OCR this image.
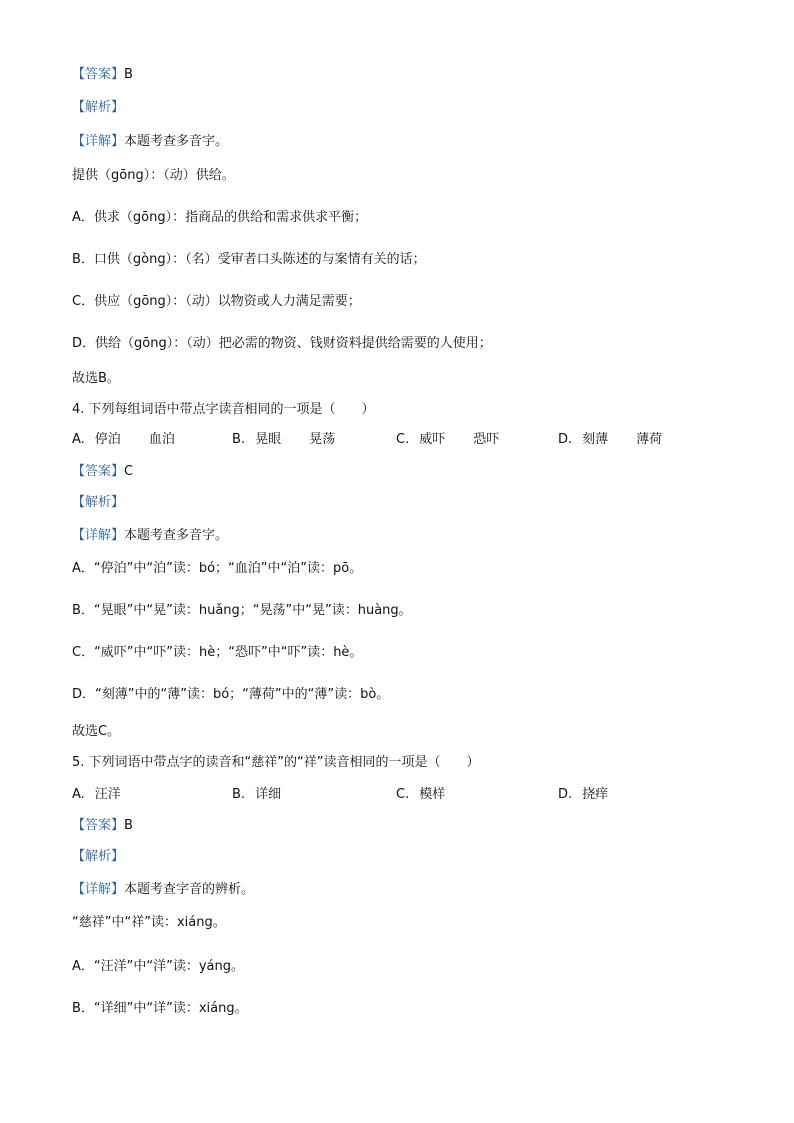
【答案】B
【解析】
【详解】本题考查多音字。
提供（gōng）：（动）供给。
A．供求（gōng）：指商品的供给和需求供求平衡；
B．口供（gòng）：（名）受审者口头陈述的与案情有关的话；
C．供应（gōng）：（动）以物资或人力满足需要；
D．供给（gōng）：（动）把必需的物资、钱财资料提供给需要的人使用；
故选B。
4. 下列每组词语中带点字读音相同的一项是（　　）
A. 停泊 血泊	B. 晃眼 晃荡	C. 威吓 恐吓	D. 刻薄 薄荷
【答案】C
【解析】
【详解】本题考查多音字。
A．“停泊”中“泊”读：bó；“血泊”中“泊”读：pō。
B．“晃眼”中“晃”读：huǎng；“晃荡”中“晃”读：huàng。
C．“威吓”中“吓”读：hè；“恐吓”中“吓”读：hè。
D．“刻薄”中的“薄”读：bó；“薄荷”中的“薄”读：bò。
故选C。
5. 下列词语中带点字的读音和“慈祥”的“祥”读音相同的一项是（　　）
A. 汪洋	B. 详细	C. 模样	D. 挠痒
【答案】B
【解析】
【详解】本题考查字音的辨析。
“慈祥”中“祥”读：xiáng。
A．“汪洋”中“洋”读：yáng。
B．“详细”中“详”读：xiáng。
